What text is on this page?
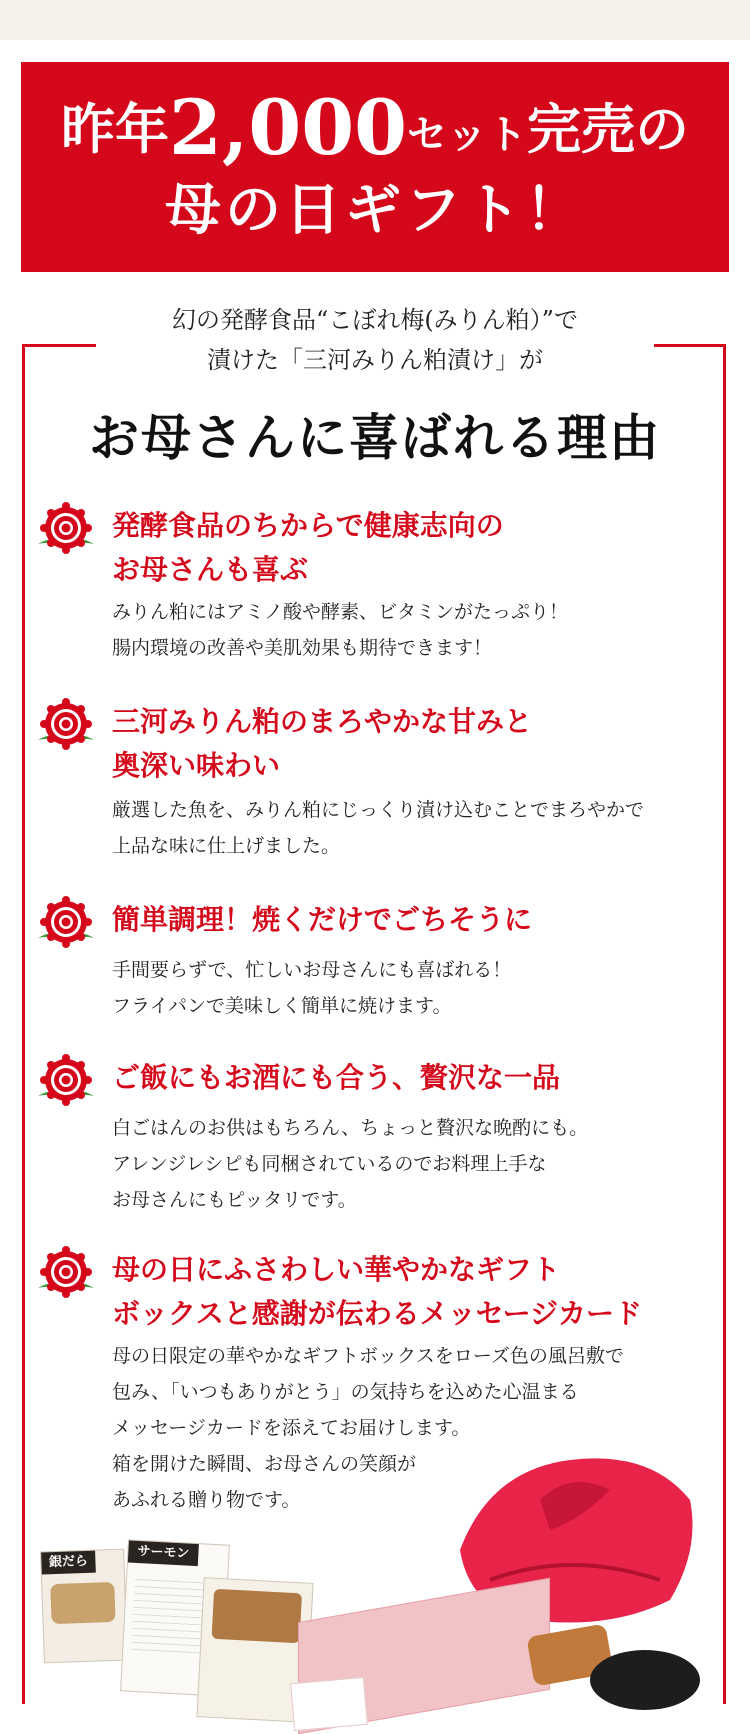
昨年2,000セット完売の
母の日ギフト！
幻の発酵食品“こぼれ梅(みりん粕）”で
漬けた「三河みりん粕漬け」が
お母さんに喜ばれる理由
発酵食品のちからで健康志向の
お母さんも喜ぶ
みりん粕にはアミノ酸や酵素、ビタミンがたっぷり！
腸内環境の改善や美肌効果も期待できます！
三河みりん粕のまろやかな甘みと
奥深い味わい
厳選した魚を、みりん粕にじっくり漬け込むことでまろやかで
上品な味に仕上げました。
簡単調理！焼くだけでごちそうに
手間要らずで、忙しいお母さんにも喜ばれる！
フライパンで美味しく簡単に焼けます。
ご飯にもお酒にも合う、贅沢な一品
白ごはんのお供はもちろん、ちょっと贅沢な晩酌にも。
アレンジレシピも同梱されているのでお料理上手な
お母さんにもピッタリです。
母の日にふさわしい華やかなギフト
ボックスと感謝が伝わるメッセージカード
母の日限定の華やかなギフトボックスをローズ色の風呂敷で
包み、「いつもありがとう」の気持ちを込めた心温まる
メッセージカードを添えてお届けします。
箱を開けた瞬間、お母さんの笑顔が
あふれる贈り物です。
銀だら
サーモン
